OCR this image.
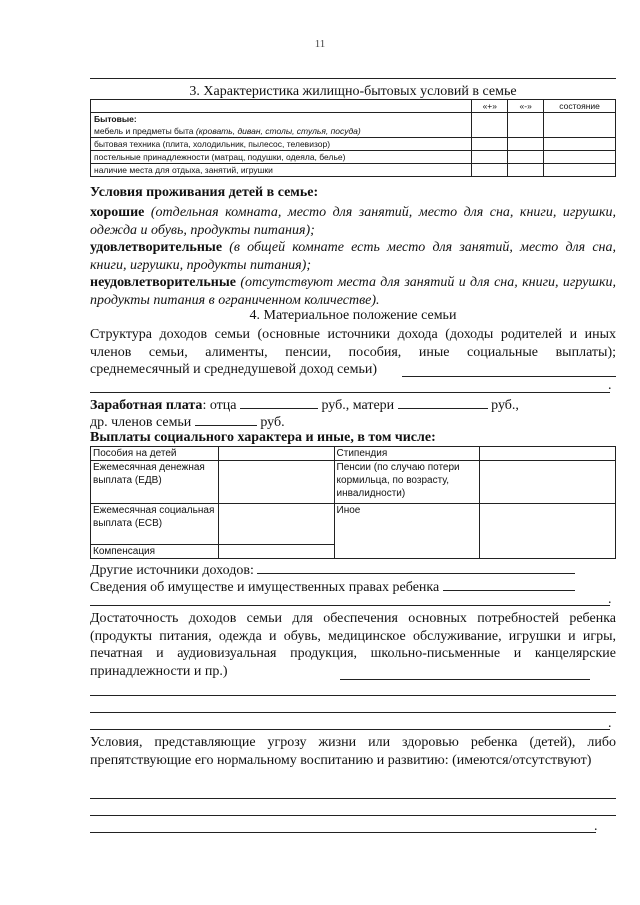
11
3. Характеристика жилищно-бытовых условий в семье
	«+»	«-»	состояние

Бытовые:
мебель и предметы быта (кровать, диван, столы, стулья, посуда)			

бытовая техника (плита, холодильник, пылесос, телевизор)			
постельные принадлежности (матрац, подушки, одеяла, белье)			
наличие места для отдыха, занятий, игрушки			
Условия проживания детей в семье:
хорошие (отдельная комната, место для занятий, место для сна, книги, игрушки, одежда и обувь, продукты питания);
удовлетворительные (в общей комнате есть место для занятий, место для сна, книги, игрушки, продукты питания);
неудовлетворительные (отсутствуют места для занятий и для сна, книги, игрушки, продукты питания в ограниченном количестве).
4. Материальное положение семьи
Структура доходов семьи (основные источники дохода (доходы родителей и иных членов семьи, алименты, пенсии, пособия, иные социальные выплаты); среднемесячный и среднедушевой доход семьи)
.
Заработная плата: отца	руб., матери	руб.,
др. членов семьи	руб.
Выплаты социального характера и иные, в том числе:
Пособия на детей		Стипендия	
Ежемесячная денежная выплата (ЕДВ)		Пенсии (по случаю потери кормильца, по возрасту, инвалидности)	
Ежемесячная социальная выплата (ЕСВ)		Иное	
Компенсация			
Другие источники доходов:
Сведения об имуществе и имущественных правах ребенка
.
Достаточность доходов семьи для обеспечения основных потребностей ребенка (продукты питания, одежда и обувь, медицинское обслуживание, игрушки и игры, печатная и аудиовизуальная продукция, школьно-письменные и канцелярские принадлежности и пр.)
.
Условия, представляющие угрозу жизни или здоровью ребенка (детей), либо препятствующие его нормальному воспитанию и развитию: (имеются/отсутствуют)
.
